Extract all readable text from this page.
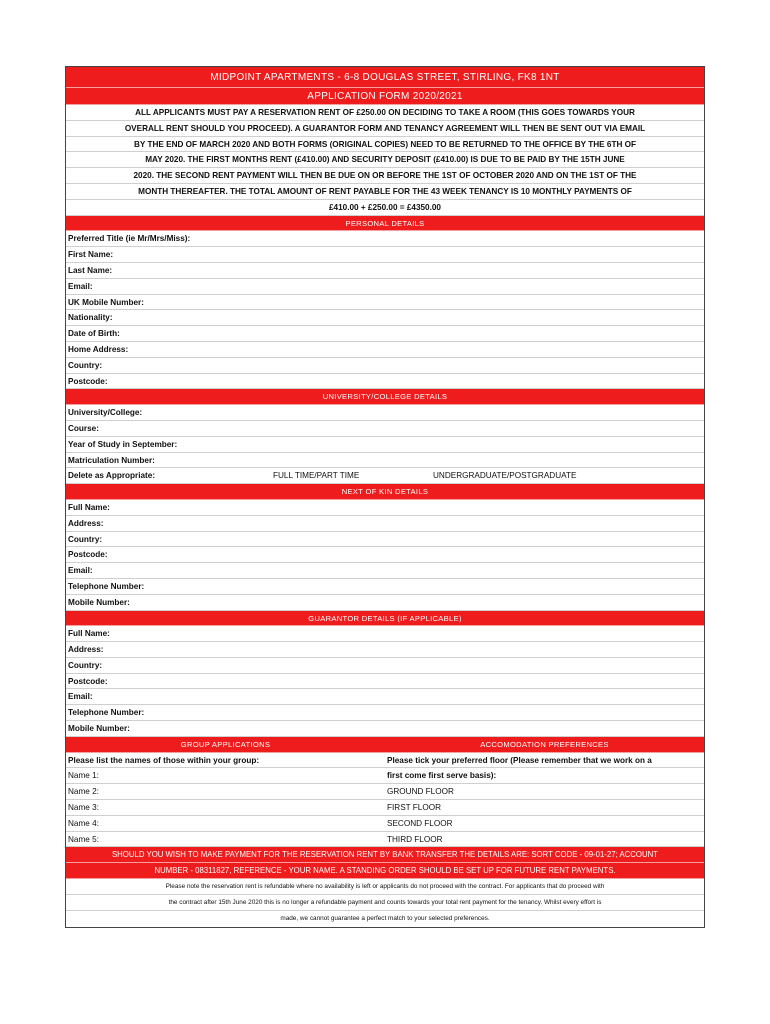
MIDPOINT APARTMENTS - 6-8 DOUGLAS STREET, STIRLING, FK8 1NT
APPLICATION FORM 2020/2021
ALL APPLICANTS MUST PAY A RESERVATION RENT OF £250.00 ON DECIDING TO TAKE A ROOM (THIS GOES TOWARDS YOUR
OVERALL RENT SHOULD YOU PROCEED). A GUARANTOR FORM AND TENANCY AGREEMENT WILL THEN BE SENT OUT VIA EMAIL
BY THE END OF MARCH 2020 AND BOTH FORMS (ORIGINAL COPIES) NEED TO BE RETURNED TO THE OFFICE BY THE 6TH OF
MAY 2020. THE FIRST MONTHS RENT (£410.00) AND SECURITY DEPOSIT (£410.00) IS DUE TO BE PAID BY THE 15TH JUNE
2020. THE SECOND RENT PAYMENT WILL THEN BE DUE ON OR BEFORE THE 1ST OF OCTOBER 2020 AND ON THE 1ST OF THE
MONTH THEREAFTER. THE TOTAL AMOUNT OF RENT PAYABLE FOR THE 43 WEEK TENANCY IS 10 MONTHLY PAYMENTS OF
£410.00 + £250.00 = £4350.00
PERSONAL DETAILS
Preferred Title (ie Mr/Mrs/Miss):
First Name:
Last Name:
Email:
UK Mobile Number:
Nationality:
Date of Birth:
Home Address:
Country:
Postcode:
UNIVERSITY/COLLEGE DETAILS
University/College:
Course:
Year of Study in September:
Matriculation Number:
Delete as Appropriate:	FULL TIME/PART TIME	UNDERGRADUATE/POSTGRADUATE
NEXT OF KIN DETAILS
Full Name:
Address:
Country:
Postcode:
Email:
Telephone Number:
Mobile Number:
GUARANTOR DETAILS (IF APPLICABLE)
Full Name:
Address:
Country:
Postcode:
Email:
Telephone Number:
Mobile Number:
GROUP APPLICATIONS	ACCOMODATION PREFERENCES
Please list the names of those within your group:	Please tick your preferred floor (Please remember that we work on a
Name 1:	first come first serve basis):
Name 2:	GROUND FLOOR
Name 3:	FIRST FLOOR
Name 4:	SECOND FLOOR
Name 5:	THIRD FLOOR
SHOULD YOU WISH TO MAKE PAYMENT FOR THE RESERVATION RENT BY BANK TRANSFER THE DETAILS ARE: SORT CODE - 09-01-27; ACCOUNT
NUMBER - 08311827, REFERENCE - YOUR NAME. A STANDING ORDER SHOULD BE SET UP FOR FUTURE RENT PAYMENTS.
Please note the reservation rent is refundable where no availability is left or applicants do not proceed with the contract. For applicants that do proceed with
the contract after 15th June 2020 this is no longer a refundable payment and counts towards your total rent payment for the tenancy. Whilst every effort is
made, we cannot guarantee a perfect match to your selected preferences.
